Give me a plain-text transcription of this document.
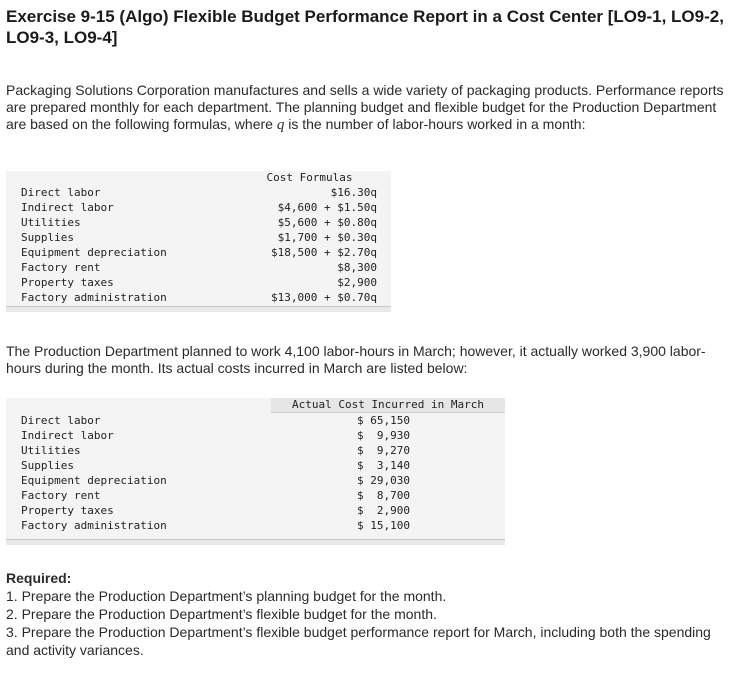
Exercise 9-15 (Algo) Flexible Budget Performance Report in a Cost Center [LO9-1, LO9-2, LO9-3, LO9-4]
Packaging Solutions Corporation manufactures and sells a wide variety of packaging products. Performance reports are prepared monthly for each department. The planning budget and flexible budget for the Production Department are based on the following formulas, where q is the number of labor-hours worked in a month:
Cost Formulas
Direct labor	$16.30q
Indirect labor	$4,600 + $1.50q
Utilities	$5,600 + $0.80q
Supplies	$1,700 + $0.30q
Equipment depreciation	$18,500 + $2.70q
Factory rent	$8,300
Property taxes	$2,900
Factory administration	$13,000 + $0.70q
The Production Department planned to work 4,100 labor-hours in March; however, it actually worked 3,900 labor-hours during the month. Its actual costs incurred in March are listed below:
Actual Cost Incurred in March
Direct labor	$ 65,150
Indirect labor	$  9,930
Utilities	$  9,270
Supplies	$  3,140
Equipment depreciation	$ 29,030
Factory rent	$  8,700
Property taxes	$  2,900
Factory administration	$ 15,100
Required:
1. Prepare the Production Department’s planning budget for the month.
2. Prepare the Production Department’s flexible budget for the month.
3. Prepare the Production Department’s flexible budget performance report for March, including both the spending and activity variances.
